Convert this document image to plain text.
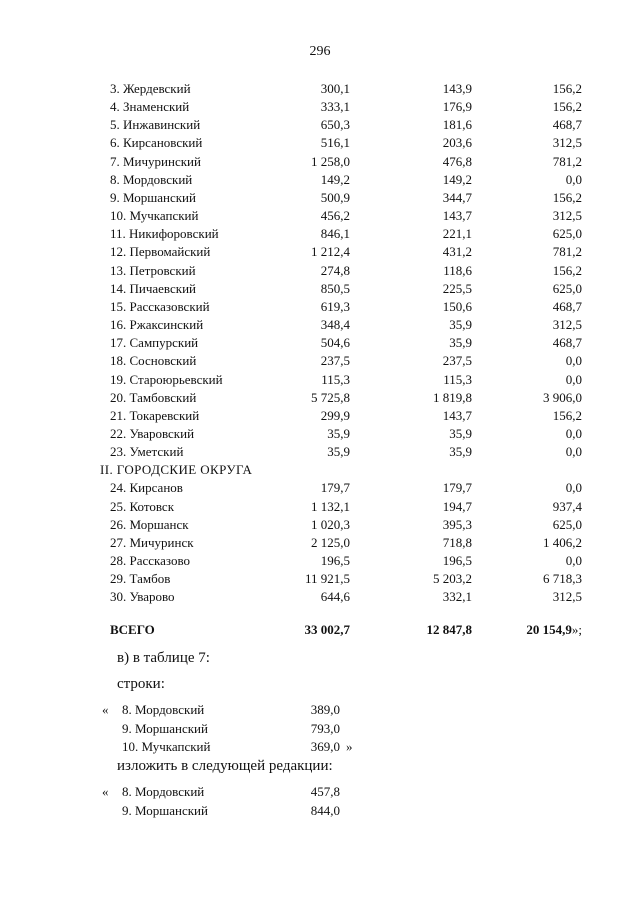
296
3. Жердевский	300,1	143,9	156,2
4. Знаменский	333,1	176,9	156,2
5. Инжавинский	650,3	181,6	468,7
6. Кирсановский	516,1	203,6	312,5
7. Мичуринский	1 258,0	476,8	781,2
8. Мордовский	149,2	149,2	0,0
9. Моршанский	500,9	344,7	156,2
10. Мучкапский	456,2	143,7	312,5
11. Никифоровский	846,1	221,1	625,0
12. Первомайский	1 212,4	431,2	781,2
13. Петровский	274,8	118,6	156,2
14. Пичаевский	850,5	225,5	625,0
15. Рассказовский	619,3	150,6	468,7
16. Ржаксинский	348,4	35,9	312,5
17. Сампурский	504,6	35,9	468,7
18. Сосновский	237,5	237,5	0,0
19. Староюрьевский	115,3	115,3	0,0
20. Тамбовский	5 725,8	1 819,8	3 906,0
21. Токаревский	299,9	143,7	156,2
22. Уваровский	35,9	35,9	0,0
23. Уметский	35,9	35,9	0,0
II. ГОРОДСКИЕ ОКРУГА			
24. Кирсанов	179,7	179,7	0,0
25. Котовск	1 132,1	194,7	937,4
26. Моршанск	1 020,3	395,3	625,0
27. Мичуринск	2 125,0	718,8	1 406,2
28. Рассказово	196,5	196,5	0,0
29. Тамбов	11 921,5	5 203,2	6 718,3
30. Уварово	644,6	332,1	312,5
ВСЕГО	33 002,7	12 847,8	20 154,9»;
в) в таблице 7:
строки:
«	8. Мордовский	389,0	
	9. Моршанский	793,0	
	10. Мучкапский	369,0	»
изложить в следующей редакции:
«	8. Мордовский	457,8	
	9. Моршанский	844,0	
